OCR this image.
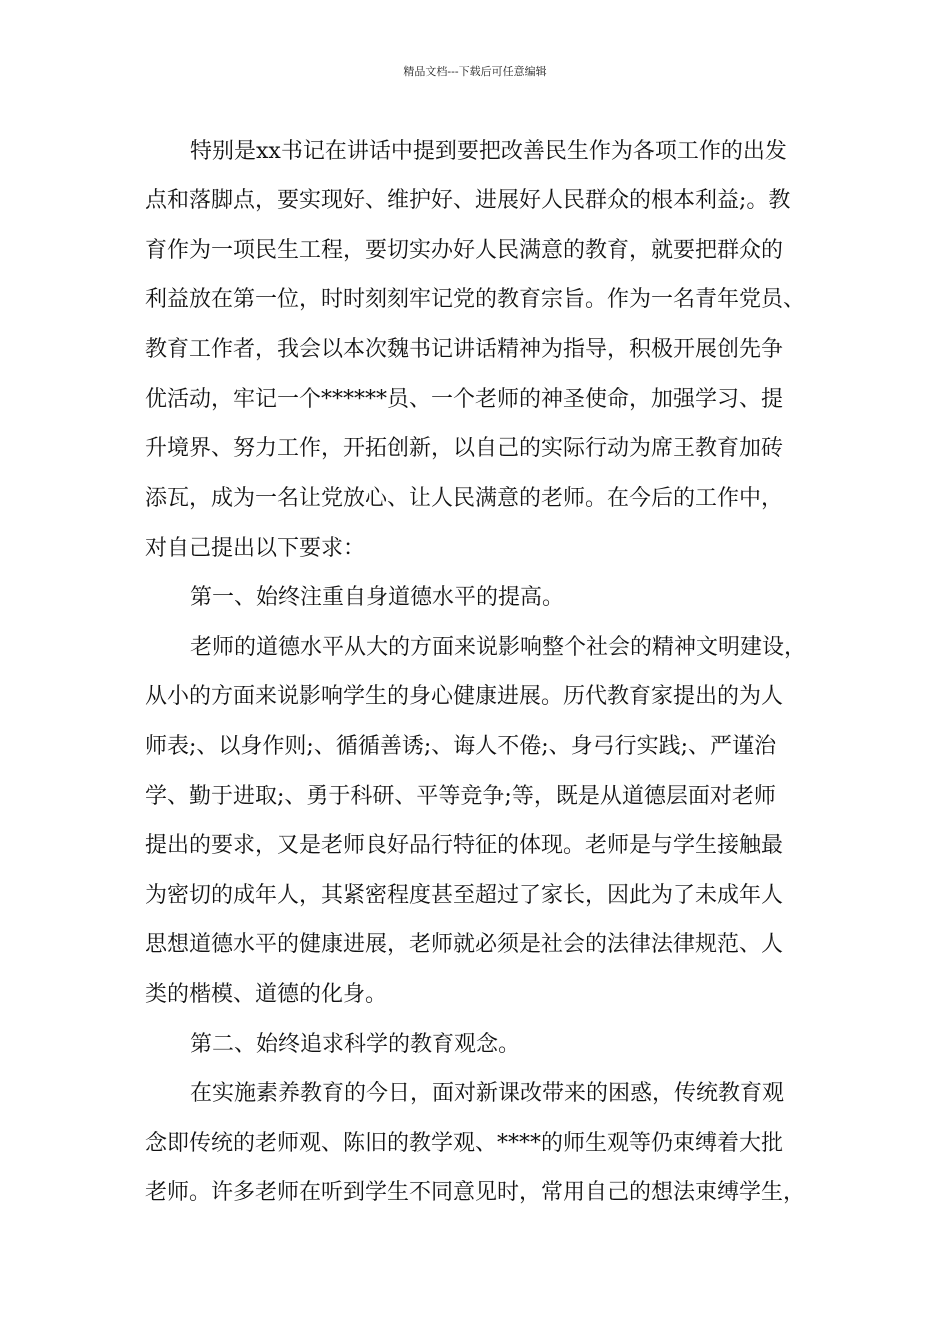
精品文档---下载后可任意编辑
特别是xx书记在讲话中提到要把改善民生作为各项工作的出发
点和落脚点，要实现好、维护好、进展好人民群众的根本利益;。教
育作为一项民生工程，要切实办好人民满意的教育，就要把群众的
利益放在第一位，时时刻刻牢记党的教育宗旨。作为一名青年党员、
教育工作者，我会以本次魏书记讲话精神为指导，积极开展创先争
优活动，牢记一个******员、一个老师的神圣使命，加强学习、提
升境界、努力工作，开拓创新，以自己的实际行动为席王教育加砖
添瓦，成为一名让党放心、让人民满意的老师。在今后的工作中，
对自己提出以下要求：
第一、始终注重自身道德水平的提高。
老师的道德水平从大的方面来说影响整个社会的精神文明建设，
从小的方面来说影响学生的身心健康进展。历代教育家提出的为人
师表;、以身作则;、循循善诱;、诲人不倦;、身弓行实践;、严谨治
学、勤于进取;、勇于科研、平等竞争;等，既是从道德层面对老师
提出的要求，又是老师良好品行特征的体现。老师是与学生接触最
为密切的成年人，其紧密程度甚至超过了家长，因此为了未成年人
思想道德水平的健康进展，老师就必须是社会的法律法律规范、人
类的楷模、道德的化身。
第二、始终追求科学的教育观念。
在实施素养教育的今日，面对新课改带来的困惑，传统教育观
念即传统的老师观、陈旧的教学观、****的师生观等仍束缚着大批
老师。许多老师在听到学生不同意见时，常用自己的想法束缚学生，
